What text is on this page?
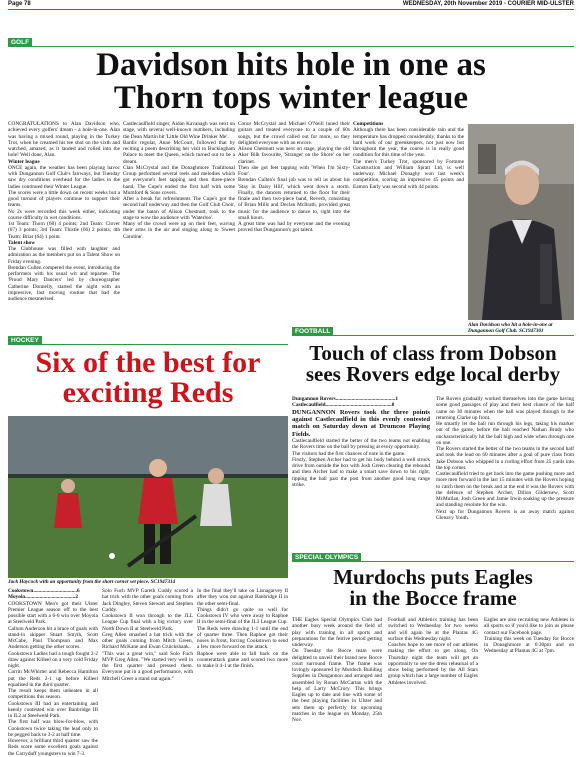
Page 78	WEDNESDAY, 20th November 2019 - COURIER MID-ULSTER
GOLF
Davidson hits hole in one as
Thorn tops winter league

CONGRATULATIONS to Alan Davidson who, achieved every golfers' dream - a hole-in-one. Alan was having a mixed round, playing in the Turkey Trot, when he creamed his tee shot on the sixth and watched, amazed, as it landed and rolled into the hole! Well done, Alan.

Winter league

ONCE again, the weather has been playing havoc with Dungannon Golf Club's fairways, but Tuesday saw dry conditions overhead for the ladies in the ladies continued their Winter League.

The scores were a little down on recent weeks but a good turnout of players continue to support their teams.

No 2s were recorded this week either, indicating course difficulty in wet conditions.

1st Team: Thorn (68) 4 points; 2nd Team: Clover (67) 3 points; 3rd Team: Thistle (66) 2 points; 4th Team: Briar (64) 1 point.

Talent show

The Clubhouse was filled with laughter and admiration as the members put on a Talent Show on Friday evening.

Brendan Cullen compered the event, introducing the performers with his usual wit and repartee. The 'Proud Mary Dancers' led by choreographer Catherine Donnelly, started the night with an impressive, fast moving routine that had the audience mesmerised.

Castlecaulfield singer, Aidan Kavanagh was next on stage, with several well-known numbers, including the Dean Martin hit 'Little Old Wine Drinker Me'.

Bardic regular, Anne McCourt, followed that by reciting a poem describing her visit to Buckingham Palace to meet the Queen, which turned out to be a dream.

Clan McCrystal and the Donaghmore Traditional Group performed several reels and melodies which got everyone's feet tapping and then three-piece band, The Cupe's ended the first half with some Mumford & Sons covers.

After a break for refreshments The Cupe's got the second half underway and then the Golf Club Choir, under the baton of Alison Chestnutt, took to the stage to wow the audience with 'Waterloo'.

Many of the crowd were up on their feet, waving their arms in the air and singing along to 'Sweet Caroline'.

Conor McCrystal and Michael O'Neill tuned their guitars and treated everyone to a couple of 60s songs, but the crowd called out for more, so they delighted everyone with an encore.

Alison Chestnutt was next on stage, playing the old Aker Bilk favourite, 'Stranger on the Shore' on her clarinet.

Then she got feet tapping with 'When I'm Sixty-Four'.

Brendan Cullen's final job was to tell us about his 'Stay in Daisy Hill', which went down a storm. Finally, the dancers returned to the floor for their finale and then two-piece band, Reverb, consisting of Brian Mills and Declan McIlrath, provided great music for the audience to dance to, right into the small hours.

A great time was had by everyone and the evening proved that Dungannon's got talent.

Competitions

Although there has been considerable rain and the temperature has dropped considerably, thanks to the hard work of our greenkeepers, not just now but throughout the year, the course is in really good condition for this time of the year.

The men's Turkey Trot, sponsored by Formme Construction and William Spratt Ltd, is well underway. Michael Donaghy won last week's competition, scoring an impressive 45 points and Eamon Early was second with 44 points.

Alan Davidson who hit a hole-in-one at Dungannon Golf Club. SC1947301
HOCKEY
Six of the best for
exciting Reds
Jack Haycock with an opportunity from the short corner set piece. SC1947314
Cookstown.................................6
Moyola......................................2

COOKSTOWN Men's got their Ulster Premier League season off to the best possible start with a 6-0 win over Moyola at Steelweld Park.

Callum Anderson hit a brace of goals with stand-in skipper Stuart Smyth, Scott McCabe, Paul Thompson and Max Anderson getting the other scores.

Cookstown Ladies had a tough fought 2-2 draw against Killeel on a very cold Friday night.

Corrin McWhirter and Rebecca Hamilton put the Reds 2-1 up before Killeel equalised in the third quarter.

The result keeps them unbeaten in all competitions this season.

Cookstown III had an entertaining and keenly contested win over Banbridge III in IL2 at Steelweld Park.

The first half was blow-for-blow, with Cookstown twice taking the lead only to be pegged back to 3-2 at half time.

However, a brilliant third quarter saw the Reds score some excellent goals against the Carryduff youngsters to win 7-3.

Solo Fuch MVP Gareth Cuddy scored a hat trick with the other goals coming from Jack Dingley, Steven Stewart and Stephen Cuddy.

Cookstown II won through to the JLL League Cup final with a big victory over North Down II at Steelweld Park.

Greg Allen smashed a hat trick with the other goals coming from Mitch Green, Richard McKane and Ewan Cruickshank.

"This was a great win," said Solo Fuch MVP Greg Allen. "We started very well in the first quarter and pressed them. Everyone put in a good performance, with Mitchell Greer a stand out again."

In the final they'll take on Lisnagarvey II after they won out against Banbridge II in the other semi-final.

Things didn't go quite so well for Cookstown IV who were away to Raphoe II in the semi-final of the JL3 League Cup.

The Reds were drawing 1-1 until the end of quarter three. Then Raphoe got their noses in front, forcing Cookstown to send a few more forward on the attack.

Raphoe were able to fall back on the counterattack game and scored two more to make it 4-1 at the finish.

FOOTBALL
Touch of class from Dobson
sees Rovers edge local derby
Dungannon Rovers.............................................1
Castlecaulfield..................................................0

DUNGANNON Rovers took the three points against Castlecaulfield in this evenly contested match on Saturday down at Drumcoo Playing Fields.

Castlecaulfield started the better of the two teams not enabling the Rovers time on the ball by pressing at every opportunity.

The visitors had the first chances of note in the game.

Firstly, Stephen Archer had to get his body behind a well struck drive from outside the box with Josh Green clearing the rebound and then Archer had to make a smart save down to his right, tipping the ball past the post from another good long range strike.

The Rovers gradually worked themselves into the game having some good passages of play and their best chance of the half came on 30 minutes when the ball was played through to the returning Clarke up front.

He smartly let the ball run through his legs, taking his marker out of the game, before the ball reached Nathan Brady who uncharacteristically hit the ball high and wide when through one on one.

The Rovers started the better of the two teams in the second half and took the lead on 60 minutes after a goal of pure class from Jake Dobson who whipped in a curling effort from 25 yards into the top corner.

Castlecaulfield tried to get back into the game pushing more and more men forward in the last 15 minutes with the Rovers hoping to catch them on the break and at the end it was the Rovers with the defence of Stephen Archer, Dillon Gildernew, Scott McMullan, Josh Green and Jamie Irwin soaking up the pressure and standing resolute for the win.

Next up for Dungannon Rovers is an away match against Glenavy Youth.

SPECIAL OLYMPICS
Murdochs puts Eagles
in the Bocce frame

THE Eagles Special Olympics Club had another busy week around the field of play with training in all sports and preparations for the festive period getting underway.

On Tuesday the Bocce team were delighted to unveil their brand new Bocce court surround frame. The frame was lovingly sponsored by Murdoch Building Supplies in Dungannon and arranged and assembled by Ronan McCartan with the help of Larry McCrory. This brings Eagles up to date and line with some of the best playing facilities in Ulster and sets them up perfectly for upcoming matches in the league on Monday, 25th Nov.

Football and Athletics training has been switched to Wednesday for two weeks and will again be at the Plantas 4G surface this Wednesday night.

Coaches hope to see more of our athletes making the effort to get along. On Thursday night the team will get an opportunity to see the dress rehearsal of a show being performed by the All Stars group which has a large number of Eagles Athletes involved.

Eagles are also recruiting new Athletes in all sports so if you'd like to join us please contact our Facebook page.

Training this week on Tuesday for Bocce in Donaghmore at 6:30pm and on Wednesday at Plantas 4G at 7pm.
